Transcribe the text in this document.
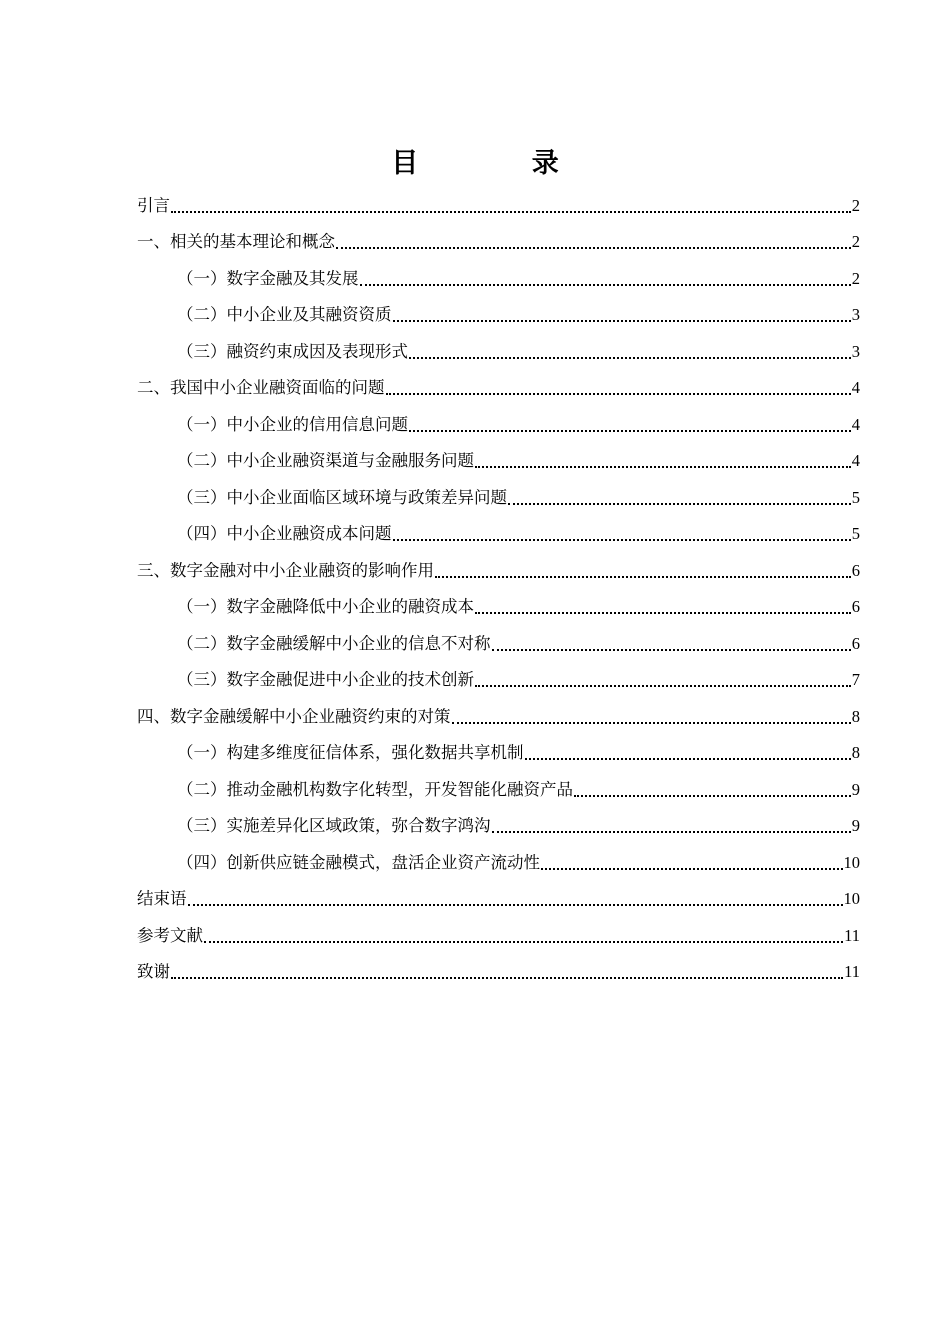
目 录
引言	2
一、相关的基本理论和概念	2
（一）数字金融及其发展	2
（二）中小企业及其融资资质	3
（三）融资约束成因及表现形式	3
二、我国中小企业融资面临的问题	4
（一）中小企业的信用信息问题	4
（二）中小企业融资渠道与金融服务问题	4
（三）中小企业面临区域环境与政策差异问题	5
（四）中小企业融资成本问题	5
三、数字金融对中小企业融资的影响作用	6
（一）数字金融降低中小企业的融资成本	6
（二）数字金融缓解中小企业的信息不对称	6
（三）数字金融促进中小企业的技术创新	7
四、数字金融缓解中小企业融资约束的对策	8
（一）构建多维度征信体系，强化数据共享机制	8
（二）推动金融机构数字化转型，开发智能化融资产品	9
（三）实施差异化区域政策，弥合数字鸿沟	9
（四）创新供应链金融模式，盘活企业资产流动性	10
结束语	10
参考文献	11
致谢	11
